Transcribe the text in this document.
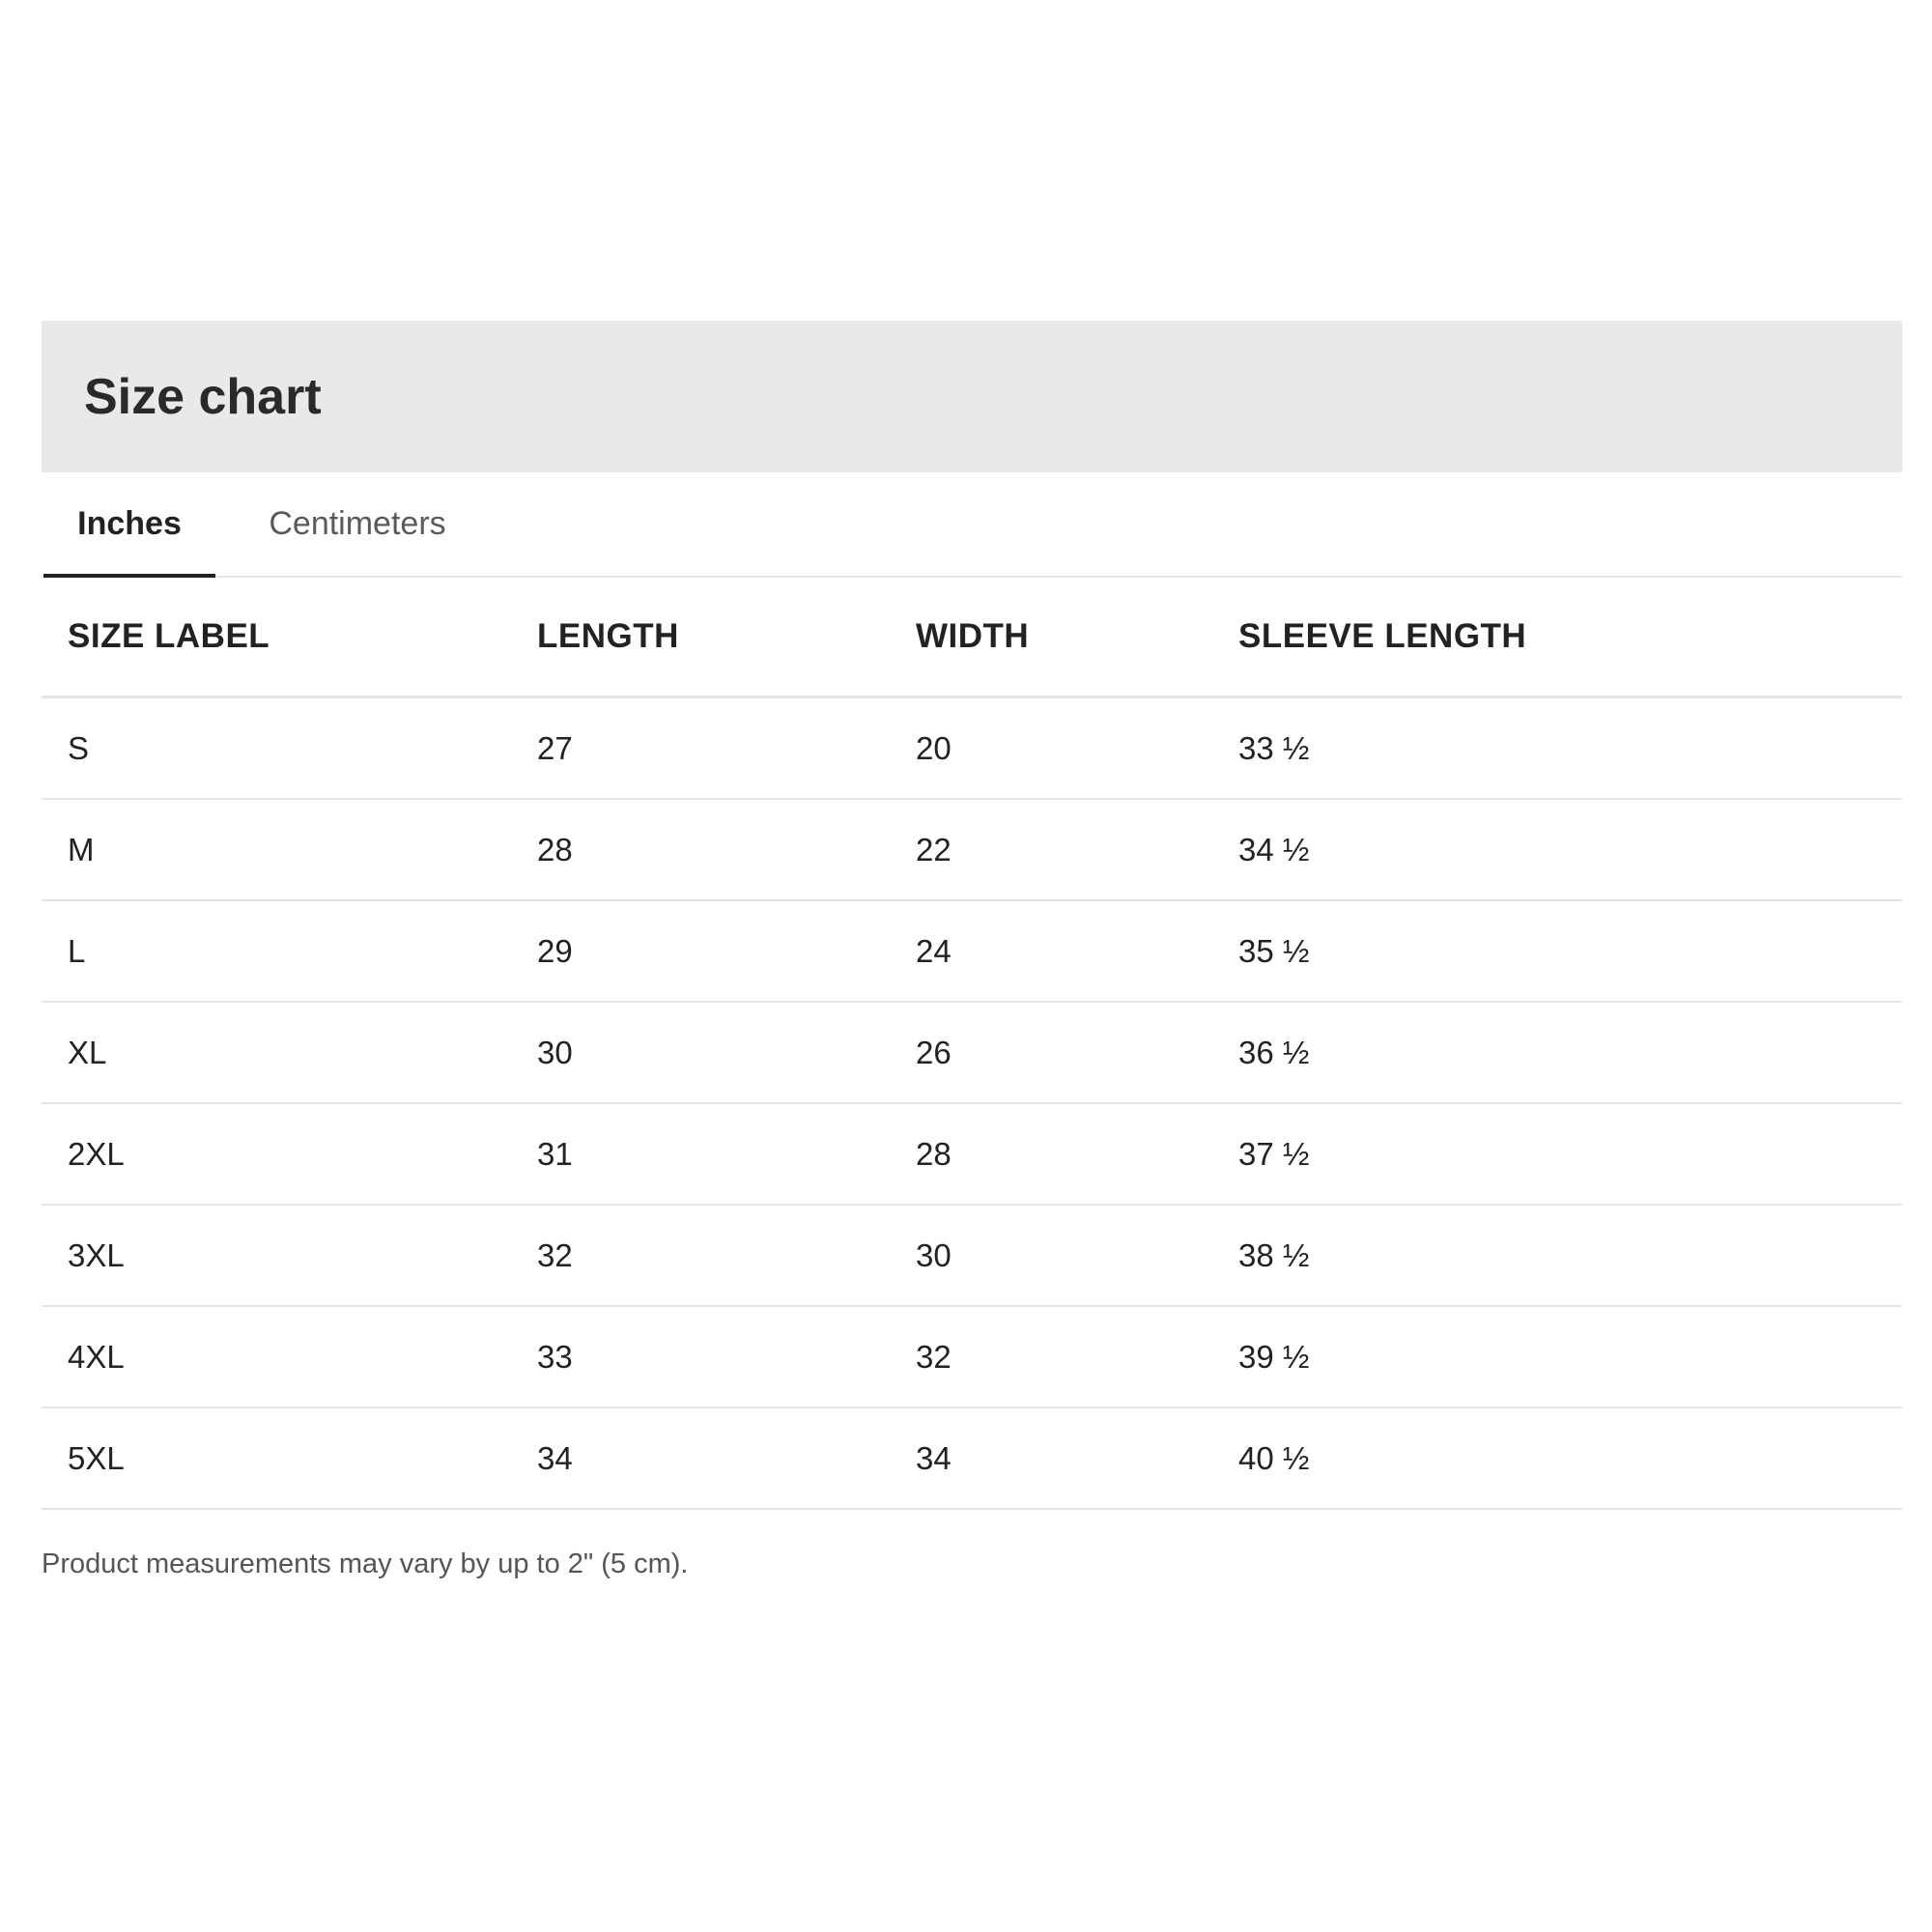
Size chart
Inches	Centimeters
SIZE LABEL	LENGTH	WIDTH	SLEEVE LENGTH
S	27	20	33 ½
M	28	22	34 ½
L	29	24	35 ½
XL	30	26	36 ½
2XL	31	28	37 ½
3XL	32	30	38 ½
4XL	33	32	39 ½
5XL	34	34	40 ½
Product measurements may vary by up to 2" (5 cm).
